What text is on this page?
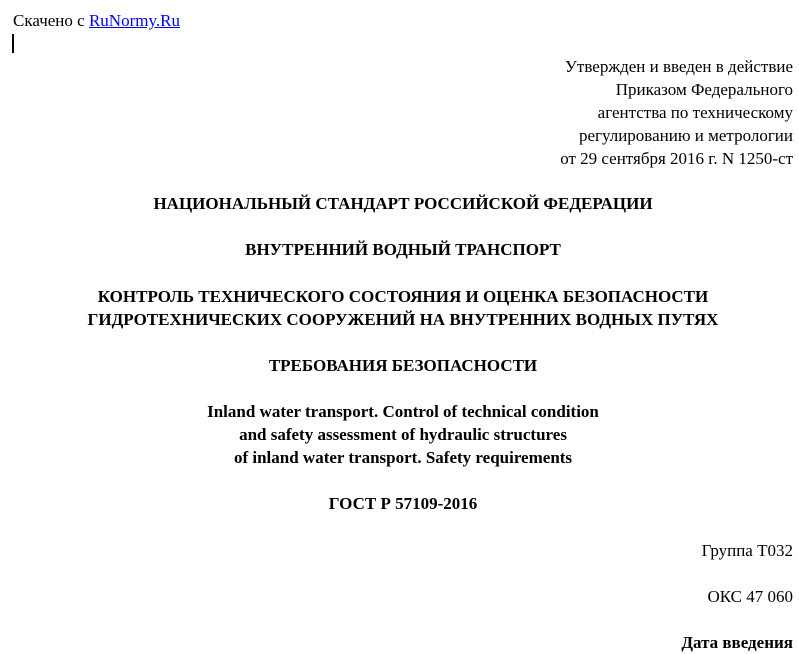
Скачено с RuNormy.Ru
Утвержден и введен в действие
Приказом Федерального
агентства по техническому
регулированию и метрологии
от 29 сентября 2016 г. N 1250-ст
НАЦИОНАЛЬНЫЙ СТАНДАРТ РОССИЙСКОЙ ФЕДЕРАЦИИ
ВНУТРЕННИЙ ВОДНЫЙ ТРАНСПОРТ
КОНТРОЛЬ ТЕХНИЧЕСКОГО СОСТОЯНИЯ И ОЦЕНКА БЕЗОПАСНОСТИ
ГИДРОТЕХНИЧЕСКИХ СООРУЖЕНИЙ НА ВНУТРЕННИХ ВОДНЫХ ПУТЯХ
ТРЕБОВАНИЯ БЕЗОПАСНОСТИ
Inland water transport. Control of technical condition
and safety assessment of hydraulic structures
of inland water transport. Safety requirements
ГОСТ Р 57109-2016
Группа Т032
ОКС 47 060
Дата введения
